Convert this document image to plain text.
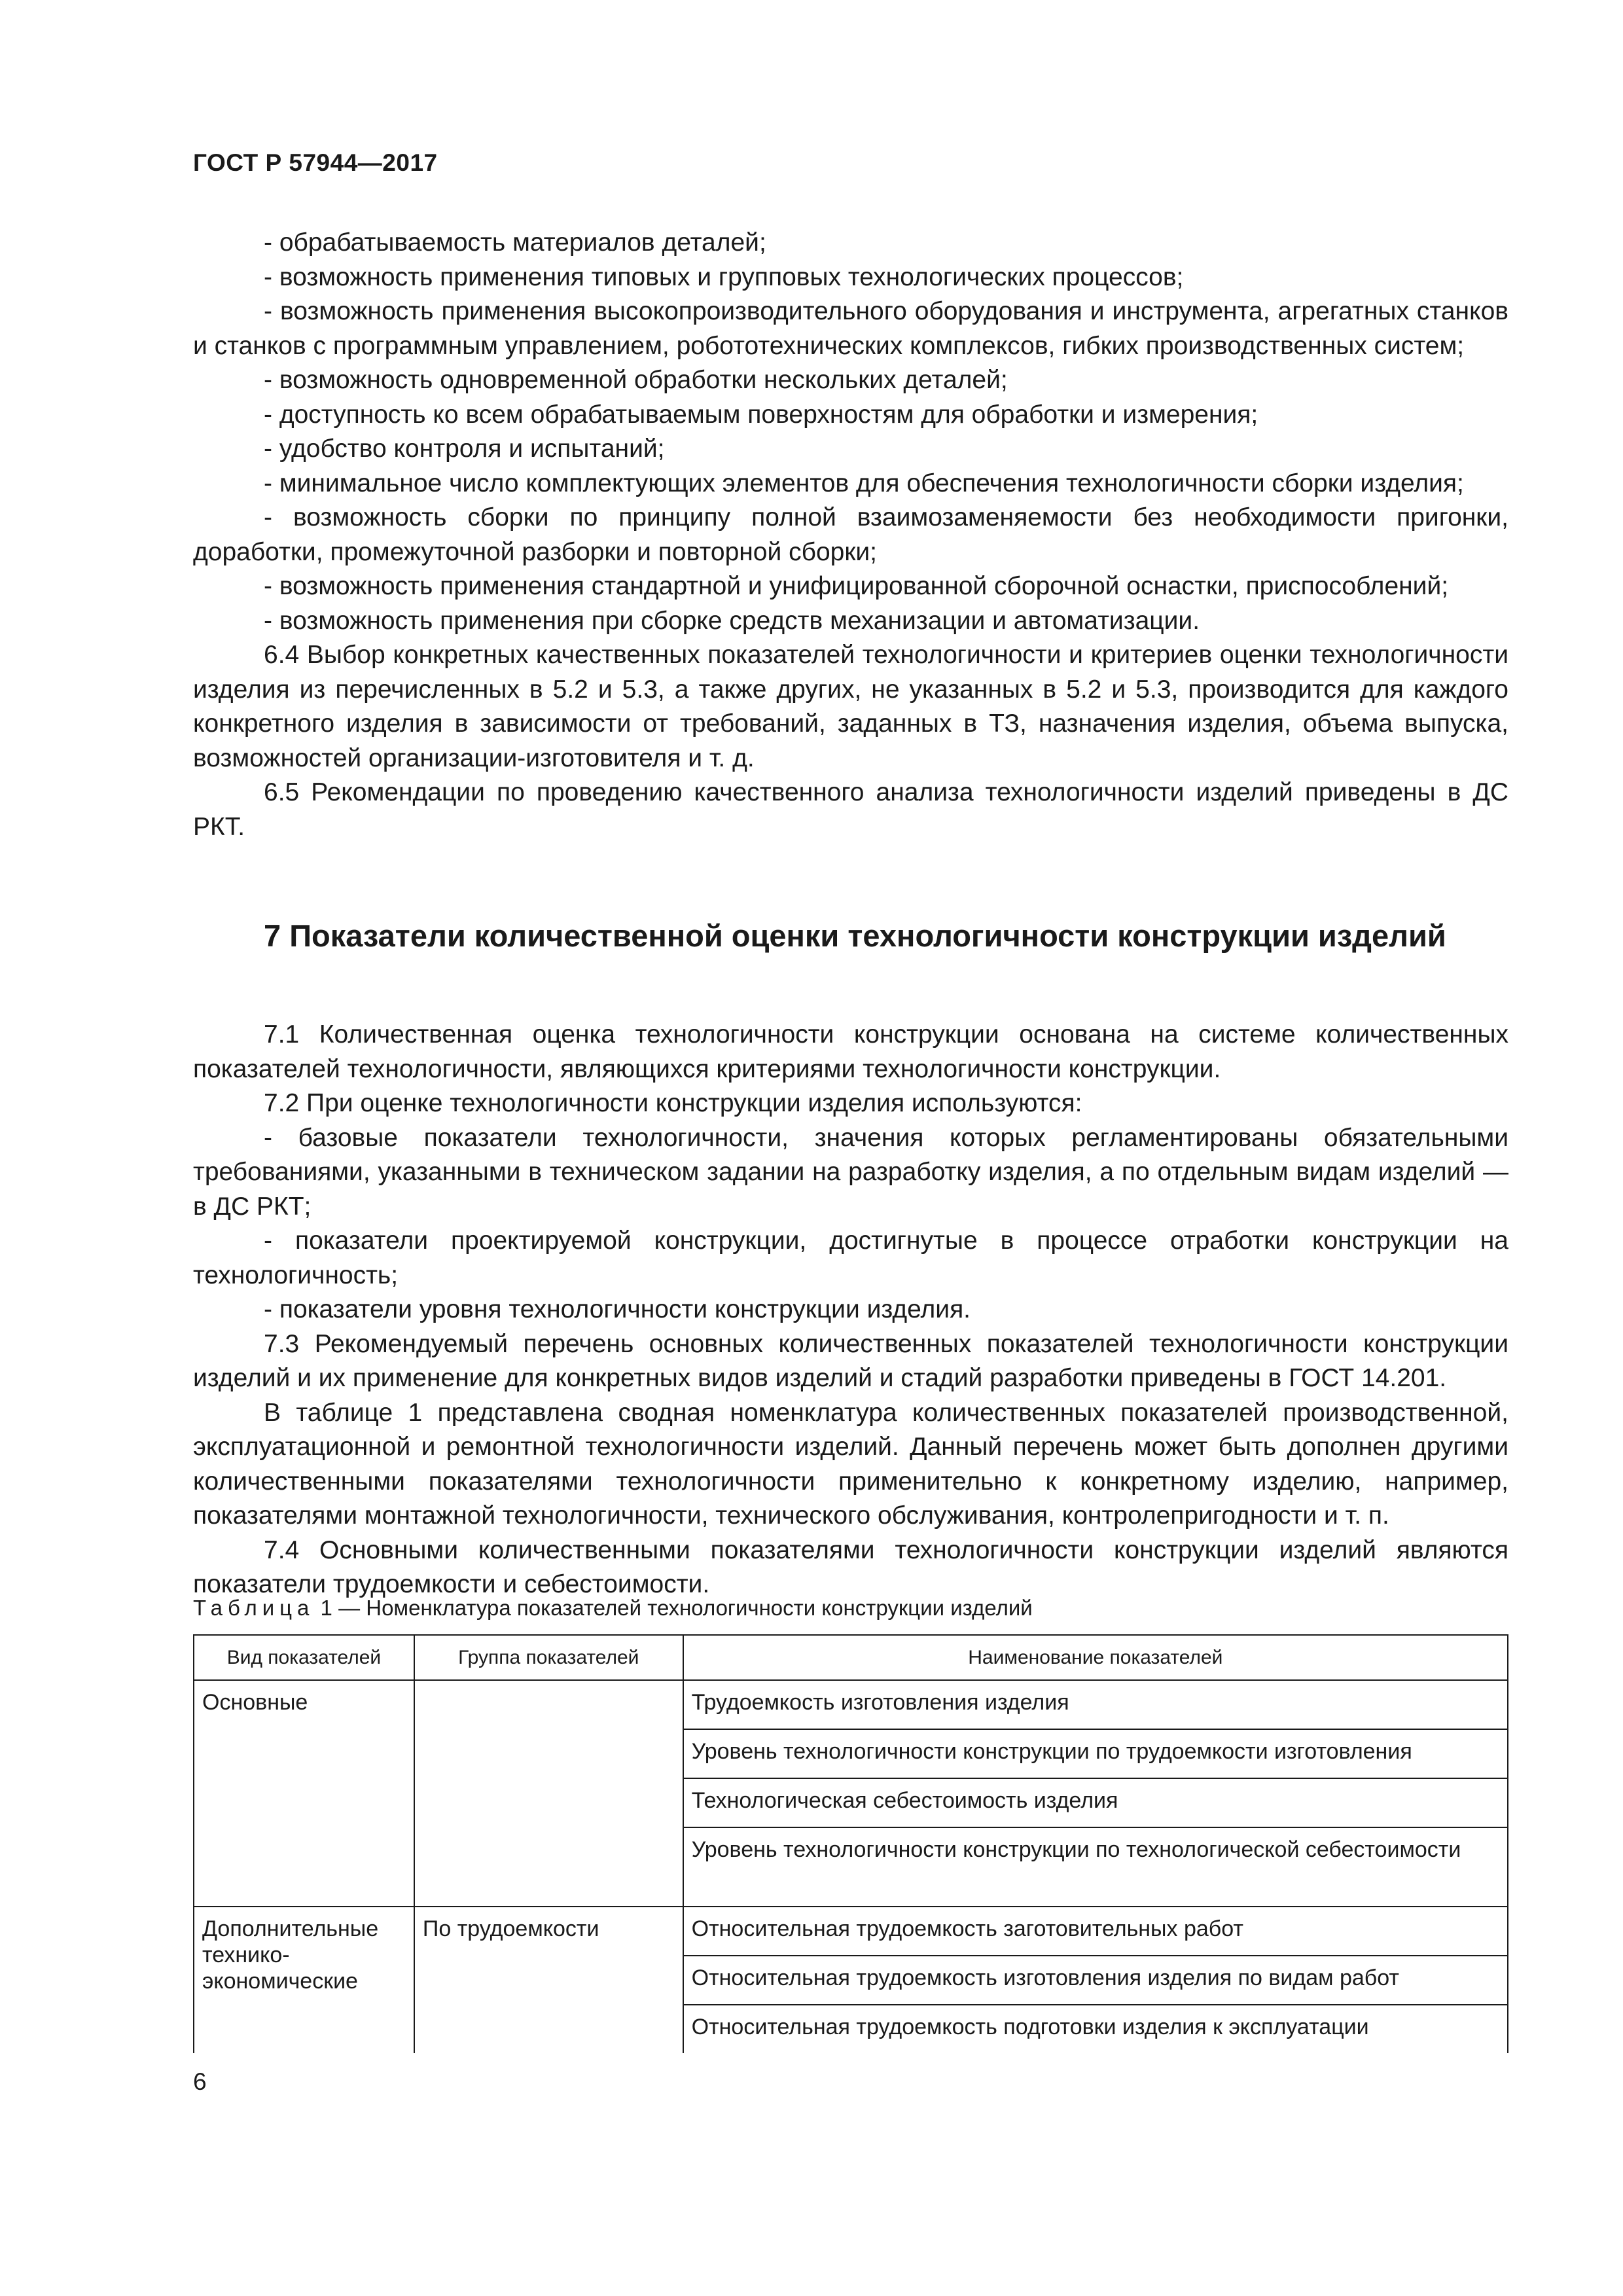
ГОСТ Р 57944—2017

- обрабатываемость материалов деталей;

- возможность применения типовых и групповых технологических процессов;

- возможность применения высокопроизводительного оборудования и инструмента, агрегатных станков и станков с программным управлением, робототехнических комплексов, гибких производственных систем;

- возможность одновременной обработки нескольких деталей;

- доступность ко всем обрабатываемым поверхностям для обработки и измерения;

- удобство контроля и испытаний;

- минимальное число комплектующих элементов для обеспечения технологичности сборки изделия;

- возможность сборки по принципу полной взаимозаменяемости без необходимости пригонки, доработки, промежуточной разборки и повторной сборки;

- возможность применения стандартной и унифицированной сборочной оснастки, приспособлений;

- возможность применения при сборке средств механизации и автоматизации.

6.4 Выбор конкретных качественных показателей технологичности и критериев оценки технологичности изделия из перечисленных в 5.2 и 5.3, а также других, не указанных в 5.2 и 5.3, производится для каждого конкретного изделия в зависимости от требований, заданных в ТЗ, назначения изделия, объема выпуска, возможностей организации-изготовителя и т. д.

6.5 Рекомендации по проведению качественного анализа технологичности изделий приведены в ДС РКТ.

7 Показатели количественной оценки технологичности конструкции изделий

7.1 Количественная оценка технологичности конструкции основана на системе количественных показателей технологичности, являющихся критериями технологичности конструкции.

7.2 При оценке технологичности конструкции изделия используются:

- базовые показатели технологичности, значения которых регламентированы обязательными требованиями, указанными в техническом задании на разработку изделия, а по отдельным видам изделий — в ДС РКТ;

- показатели проектируемой конструкции, достигнутые в процессе отработки конструкции на технологичность;

- показатели уровня технологичности конструкции изделия.

7.3 Рекомендуемый перечень основных количественных показателей технологичности конструкции изделий и их применение для конкретных видов изделий и стадий разработки приведены в ГОСТ 14.201.

В таблице 1 представлена сводная номенклатура количественных показателей производственной, эксплуатационной и ремонтной технологичности изделий. Данный перечень может быть дополнен другими количественными показателями технологичности применительно к конкретному изделию, например, показателями монтажной технологичности, технического обслуживания, контролепригодности и т. п.

7.4 Основными количественными показателями технологичности конструкции изделий являются показатели трудоемкости и себестоимости.

Таблица 1 — Номенклатура показателей технологичности конструкции изделий
Вид показателей	Группа показателей	Наименование показателей
Основные		Трудоемкость изготовления изделия
		Уровень технологичности конструкции по трудоемкости изготовления
		Технологическая себестоимость изделия
		Уровень технологичности конструкции по технологической себестоимости
Дополнительные технико-экономические	По трудоемкости	Относительная трудоемкость заготовительных работ
		Относительная трудоемкость изготовления изделия по видам работ
		Относительная трудоемкость подготовки изделия к эксплуатации
6
